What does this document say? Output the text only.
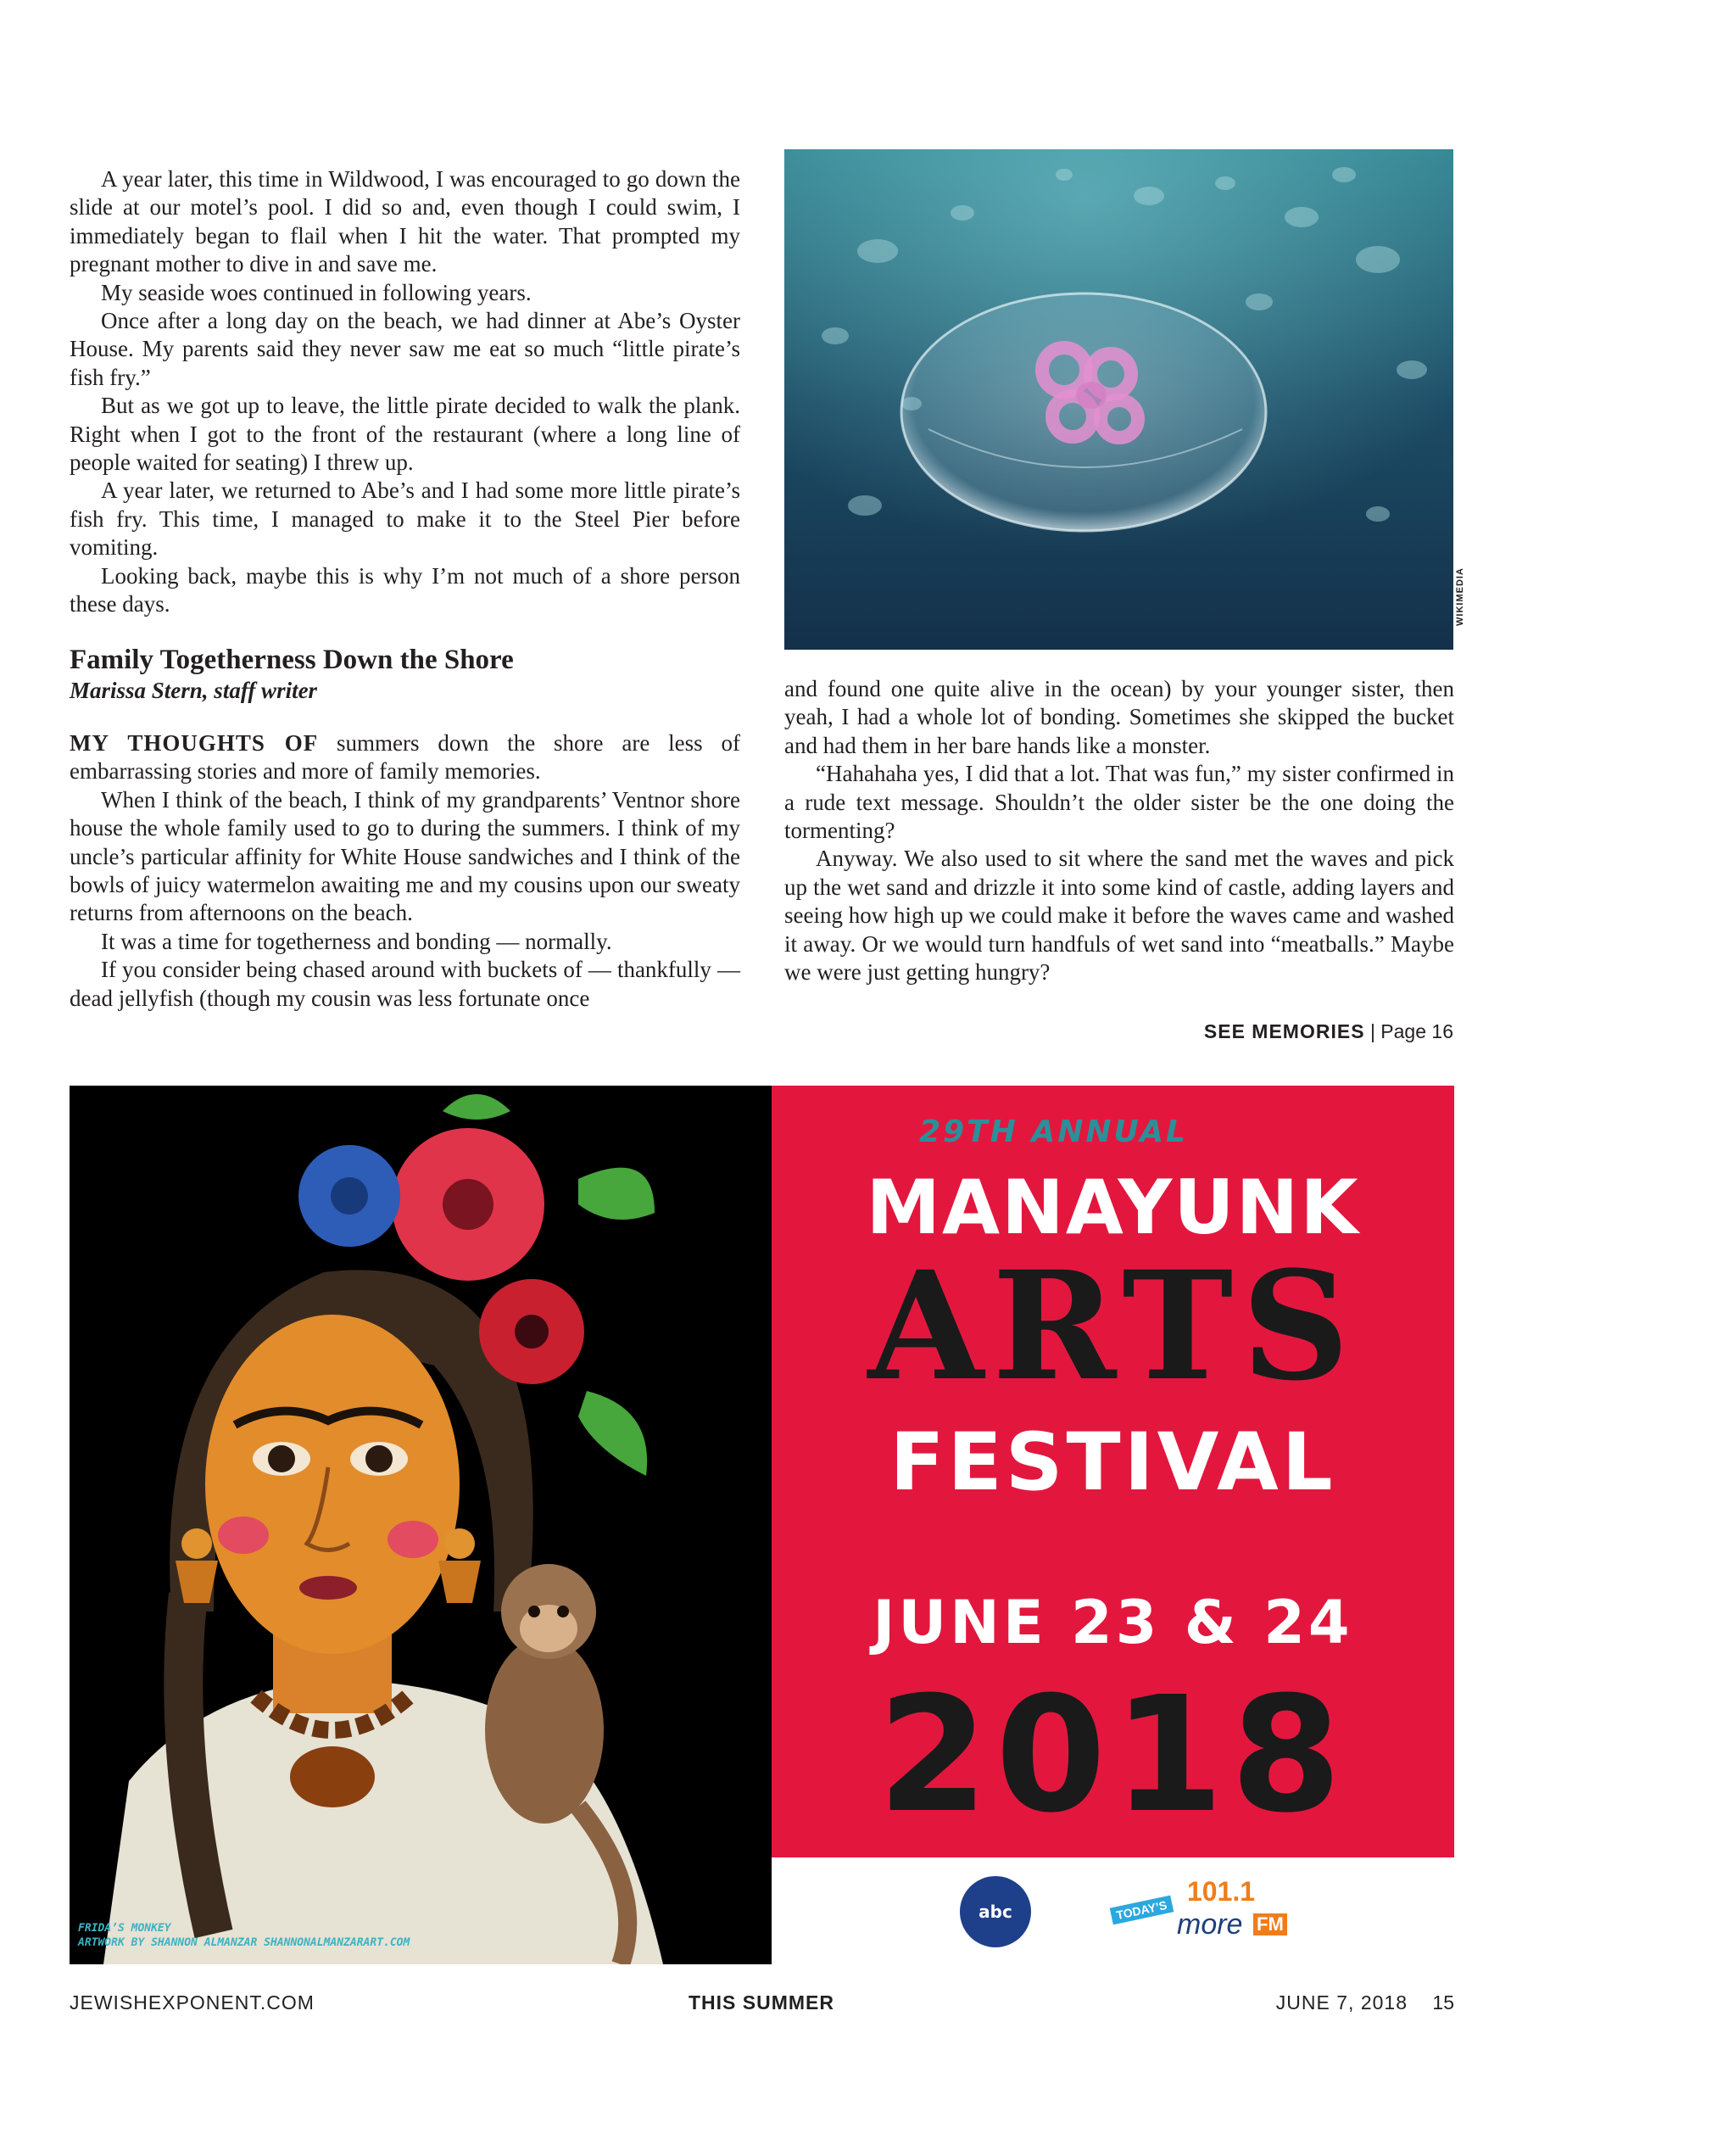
A year later, this time in Wildwood, I was encouraged to go down the slide at our motel’s pool. I did so and, even though I could swim, I immediately began to flail when I hit the water. That prompted my pregnant mother to dive in and save me.

My seaside woes continued in following years.

Once after a long day on the beach, we had dinner at Abe’s Oyster House. My parents said they never saw me eat so much “little pirate’s fish fry.”

But as we got up to leave, the little pirate decided to walk the plank. Right when I got to the front of the restaurant (where a long line of people waited for seating) I threw up.

A year later, we returned to Abe’s and I had some more little pirate’s fish fry. This time, I managed to make it to the Steel Pier before vomiting.

Looking back, maybe this is why I’m not much of a shore person these days.

Family Togetherness Down the Shore
Marissa Stern, staff writer

MY THOUGHTS OF summers down the shore are less of embarrassing stories and more of family memories.

When I think of the beach, I think of my grandparents’ Ventnor shore house the whole family used to go to during the summers. I think of my uncle’s particular affinity for White House sandwiches and I think of the bowls of juicy watermelon awaiting me and my cousins upon our sweaty returns from afternoons on the beach.

It was a time for togetherness and bonding — normally.

If you consider being chased around with buckets of — thankfully — dead jellyfish (though my cousin was less fortunate once

WIKIMEDIA

and found one quite alive in the ocean) by your younger sister, then yeah, I had a whole lot of bonding. Sometimes she skipped the bucket and had them in her bare hands like a monster.

“Hahahaha yes, I did that a lot. That was fun,” my sister confirmed in a rude text message. Shouldn’t the older sister be the one doing the tormenting?

Anyway. We also used to sit where the sand met the waves and pick up the wet sand and drizzle it into some kind of castle, adding layers and seeing how high up we could make it before the waves came and washed it away. Or we would turn handfuls of wet sand into “meatballs.” Maybe we were just getting hungry?

SEE MEMORIES | Page 16
FRIDA’S MONKEY
ARTWORK BY SHANNON ALMANZAR SHANNONALMANZARART.COM
29TH ANNUAL
MANAYUNK
ARTS
FESTIVAL
JUNE 23 & 24
2018
abc	TODAY’S
101.1
more FM
JEWISHEXPONENT.COM	THIS SUMMER	JUNE 7, 2018 15
